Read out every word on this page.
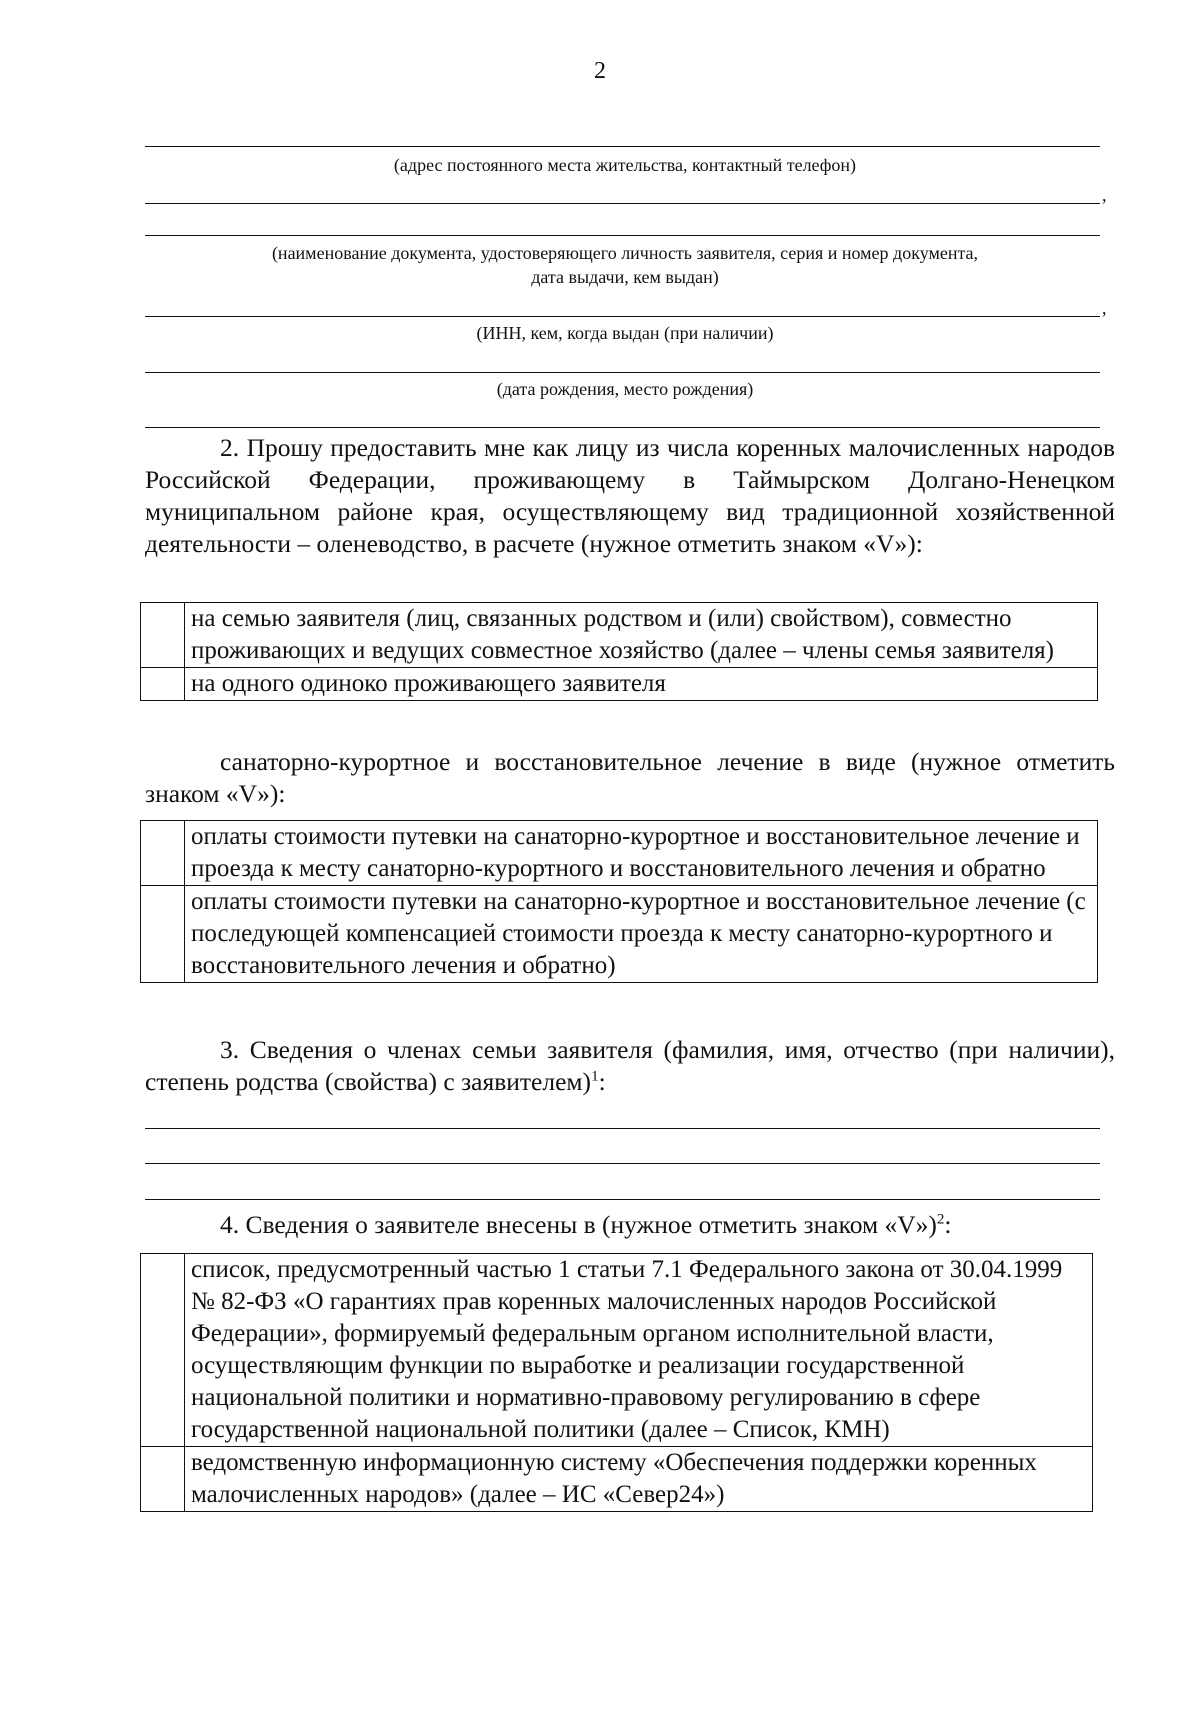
2
(адрес постоянного места жительства, контактный телефон)
,
(наименование документа, удостоверяющего личность заявителя, серия и номер документа,
дата выдачи, кем выдан)
,
(ИНН, кем, когда выдан (при наличии)
(дата рождения, место рождения)
2. Прошу предоставить мне как лицу из числа коренных малочисленных народов Российской Федерации, проживающему в Таймырском Долгано-Ненецком муниципальном районе края, осуществляющему вид традиционной хозяйственной деятельности – оленеводство, в расчете (нужное отметить знаком «V»):
	на семью заявителя (лиц, связанных родством и (или) свойством), совместно проживающих и ведущих совместное хозяйство (далее – члены семья заявителя)
	на одного одиноко проживающего заявителя
санаторно-курортное и восстановительное лечение в виде (нужное отметить знаком «V»):
	оплаты стоимости путевки на санаторно-курортное и восстановительное лечение и проезда к месту санаторно-курортного и восстановительного лечения и обратно
	оплаты стоимости путевки на санаторно-курортное и восстановительное лечение (с последующей компенсацией стоимости проезда к месту санаторно-курортного и восстановительного лечения и обратно)
3. Сведения о членах семьи заявителя (фамилия, имя, отчество (при наличии), степень родства (свойства) с заявителем)$^1$:
4. Сведения о заявителе внесены в (нужное отметить знаком «V»)$^2$:
	список, предусмотренный частью 1 статьи 7.1 Федерального закона от 30.04.1999 № 82-ФЗ «О гарантиях прав коренных малочисленных народов Российской Федерации», формируемый федеральным органом исполнительной власти, осуществляющим функции по выработке и реализации государственной национальной политики и нормативно-правовому регулированию в сфере государственной национальной политики (далее – Список, КМН)
	ведомственную информационную систему «Обеспечения поддержки коренных малочисленных народов» (далее – ИС «Север24»)
